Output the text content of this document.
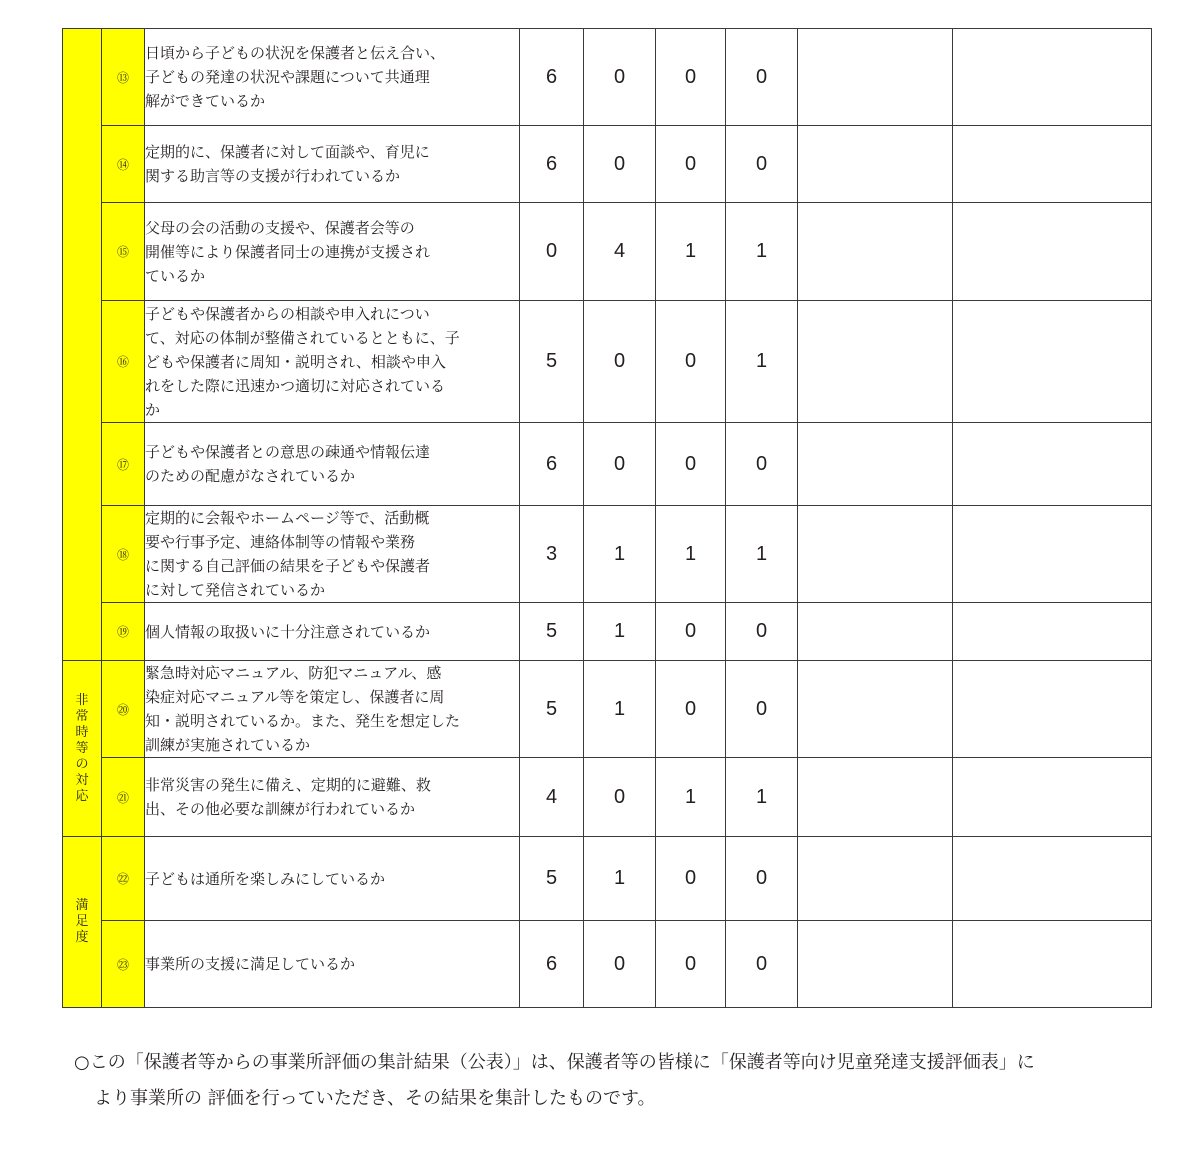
	⑬	日頃から子どもの状況を保護者と伝え合い、
子どもの発達の状況や課題について共通理
解ができているか	6	0	0	0		
	⑭	定期的に、保護者に対して面談や、育児に
関する助言等の支援が行われているか	6	0	0	0		
	⑮	父母の会の活動の支援や、保護者会等の
開催等により保護者同士の連携が支援され
ているか	0	4	1	1		
	⑯	子どもや保護者からの相談や申入れについ
て、対応の体制が整備されているとともに、子
どもや保護者に周知・説明され、相談や申入
れをした際に迅速かつ適切に対応されている
か	5	0	0	1		
	⑰	子どもや保護者との意思の疎通や情報伝達
のための配慮がなされているか	6	0	0	0		
	⑱	定期的に会報やホームページ等で、活動概
要や行事予定、連絡体制等の情報や業務
に関する自己評価の結果を子どもや保護者
に対して発信されているか	3	1	1	1		
	⑲	個人情報の取扱いに十分注意されているか	5	1	0	0		
非常時等の対応	⑳	緊急時対応マニュアル、防犯マニュアル、感
染症対応マニュアル等を策定し、保護者に周
知・説明されているか。また、発生を想定した
訓練が実施されているか	5	1	0	0		
	㉑	非常災害の発生に備え、定期的に避難、救
出、その他必要な訓練が行われているか	4	0	1	1		
満足度	㉒	子どもは通所を楽しみにしているか	5	1	0	0		
	㉓	事業所の支援に満足しているか	6	0	0	0		
○この「保護者等からの事業所評価の集計結果（公表）」は、保護者等の皆様に「保護者等向け児童発達支援評価表」に
より事業所の 評価を行っていただき、その結果を集計したものです。
